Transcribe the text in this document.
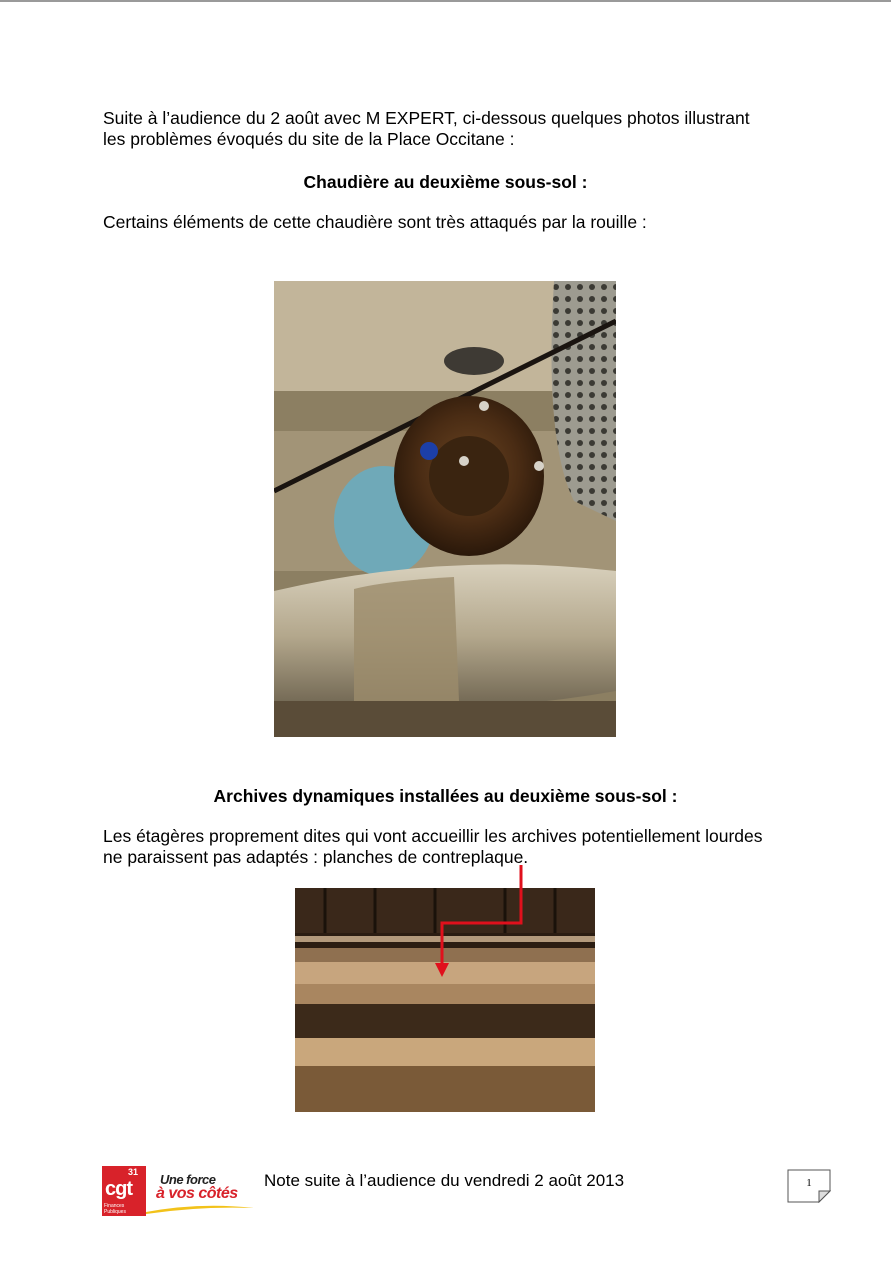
Suite à l’audience du 2 août avec M EXPERT, ci-dessous quelques photos illustrant
les problèmes évoqués du site de la Place Occitane :

Chaudière au deuxième sous-sol :

Certains éléments de cette chaudière sont très attaqués par la rouille :

Archives dynamiques installées au deuxième sous-sol :

Les étagères proprement dites qui vont accueillir les archives potentiellement lourdes
ne paraissent pas adaptés : planches de contreplaque.

31
cgt
Finances
Publiques
Une force
à vos côtés
Note suite à l’audience du vendredi 2 août 2013	1
